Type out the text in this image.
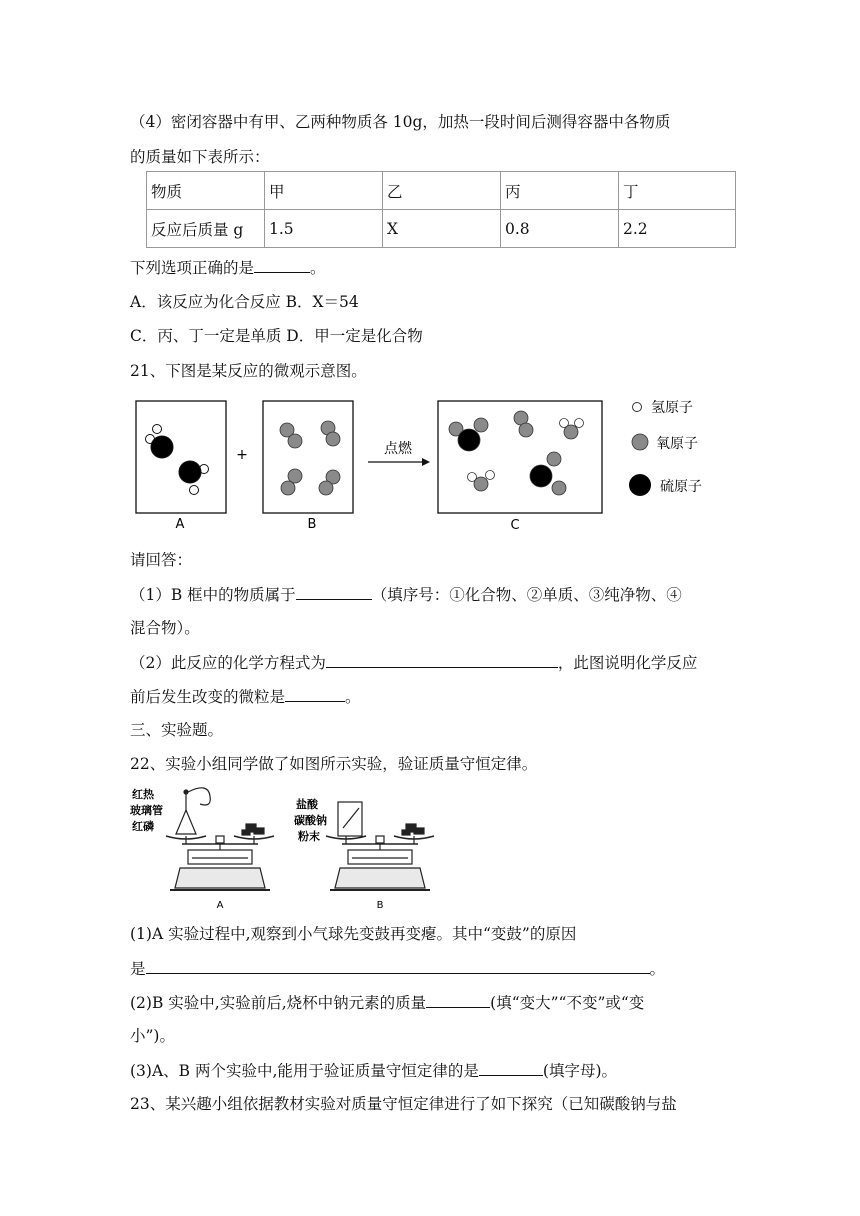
（4）密闭容器中有甲、乙两种物质各 10g，加热一段时间后测得容器中各物质
的质量如下表所示：
物质	甲	乙	丙	丁
反应后质量 g	1.5	X	0.8	2.2
下列选项正确的是	。
A．该反应为化合反应 B．X＝54
C．丙、丁一定是单质 D．甲一定是化合物
21、下图是某反应的微观示意图。
A
+
B
点燃
C
氢原子
氧原子
硫原子
请回答：
（1）B 框中的物质属于	（填序号：①化合物、②单质、③纯净物、④
混合物）。
（2）此反应的化学方程式为	，此图说明化学反应
前后发生改变的微粒是	。
三、实验题。
22、实验小组同学做了如图所示实验，验证质量守恒定律。
红热
玻璃管
红磷
A
盐酸
碳酸钠
粉末
B
(1)A 实验过程中,观察到小气球先变鼓再变瘪。其中“变鼓”的原因
是	。
(2)B 实验中,实验前后,烧杯中钠元素的质量	(填“变大”“不变”或“变
小”)。
(3)A、B 两个实验中,能用于验证质量守恒定律的是	(填字母)。
23、某兴趣小组依据教材实验对质量守恒定律进行了如下探究（已知碳酸钠与盐
